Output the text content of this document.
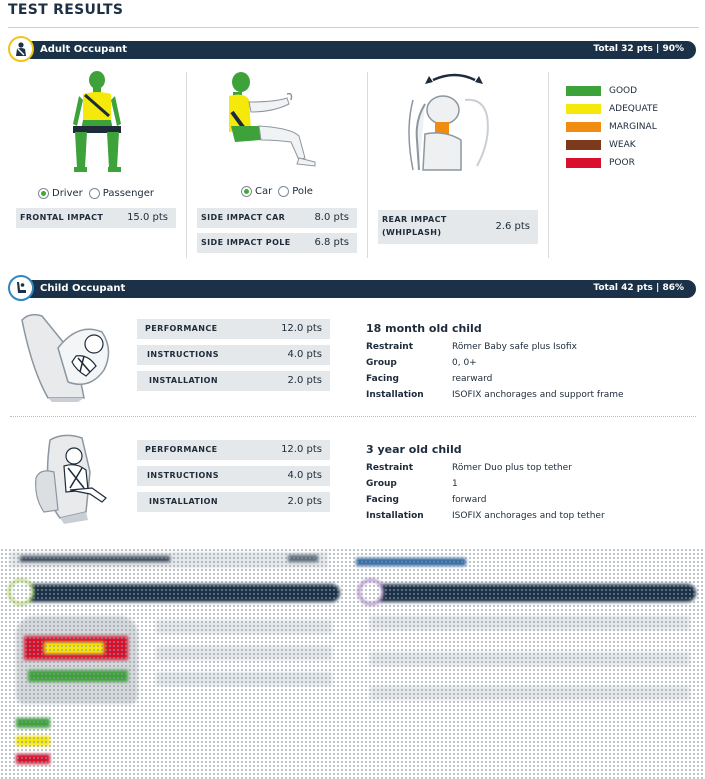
TEST RESULTS
Adult Occupant	Total 32 pts | 90%
Driver Passenger
FRONTAL IMPACT 15.0 pts
Car Pole
SIDE IMPACT CAR	8.0 pts
SIDE IMPACT POLE 6.8 pts
REAR IMPACT
(WHIPLASH)
2.6 pts
GOOD
ADEQUATE
MARGINAL
WEAK
POOR
Child Occupant	Total 42 pts | 86%
PERFORMANCE	12.0 pts
INSTRUCTIONS	4.0 pts
INSTALLATION	2.0 pts
18 month old child
Restraint	Römer Baby safe plus Isofix
Group	0, 0+
Facing	rearward
Installation	ISOFIX anchorages and support frame
PERFORMANCE	12.0 pts
INSTRUCTIONS	4.0 pts
INSTALLATION	2.0 pts
3 year old child
Restraint	Römer Duo plus top tether
Group	1
Facing	forward
Installation	ISOFIX anchorages and top tether
